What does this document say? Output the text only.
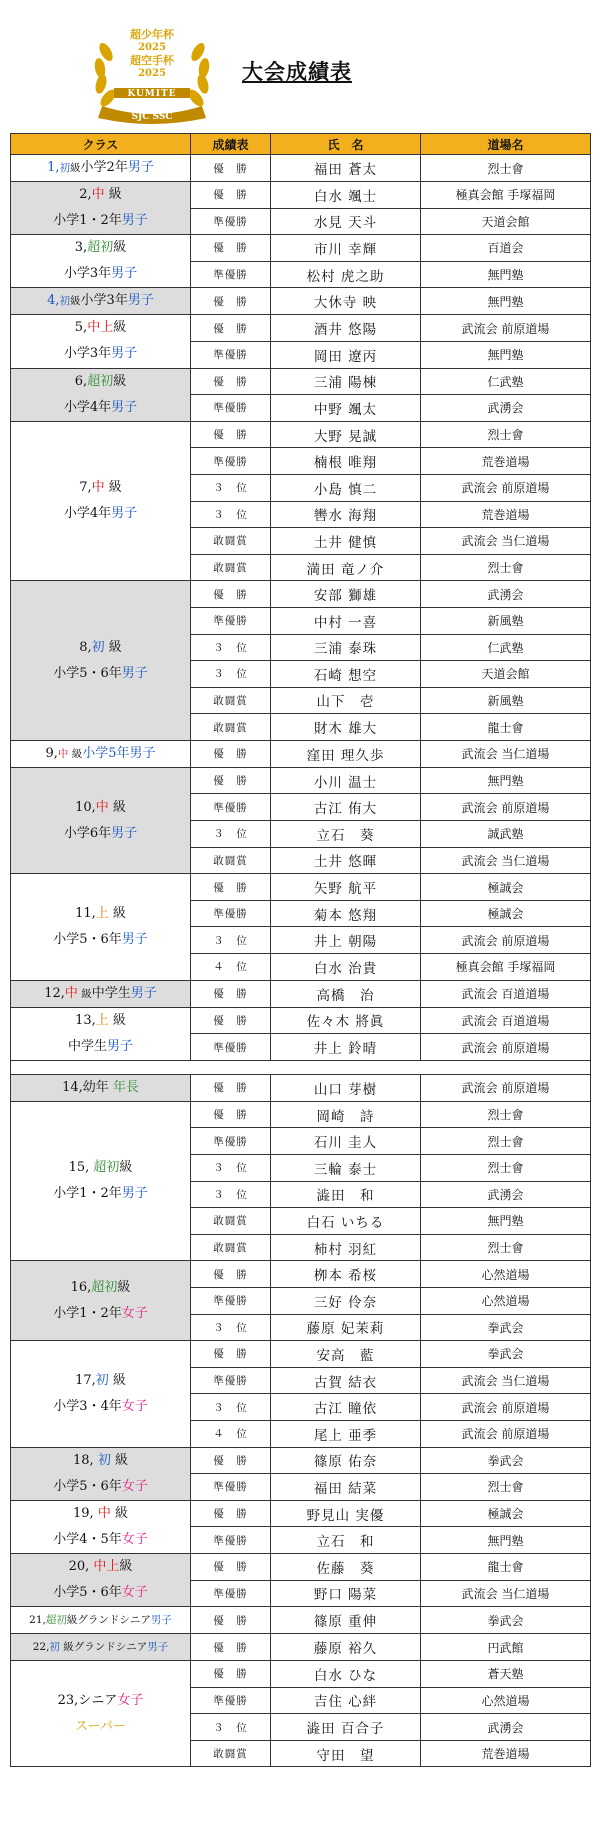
超少年杯
2025
超空手杯
2025
KUMITE
SJC SSC
大会成績表
クラス	成績表	氏　名	道場名

1,初級小学2年男子	優　勝	福田 蒼太	烈士會

2,中 級
小学1・2年男子	優　勝	白水 颯士	極真会館 手塚福岡
	準優勝	水見 天斗	天道会館

3,超初級
小学3年男子	優　勝	市川 幸輝	百道会
	準優勝	松村 虎之助	無門塾

4,初級小学3年男子	優　勝	大休寺 映	無門塾

5,中上級
小学3年男子	優　勝	酒井 悠陽	武流会 前原道場
	準優勝	岡田 遼丙	無門塾

6,超初級
小学4年男子	優　勝	三浦 陽棟	仁武塾
	準優勝	中野 颯太	武湧会

7,中 級
小学4年男子	優　勝	大野 晃誠	烈士會
	準優勝	楠根 唯翔	荒巻道場
	３　位	小島 慎二	武流会 前原道場
	３　位	轡水 海翔	荒巻道場
	敢闘賞	土井 健慎	武流会 当仁道場
	敢闘賞	満田 竜ノ介	烈士會

8,初 級
小学5・6年男子	優　勝	安部 獅雄	武湧会
	準優勝	中村 一喜	新風塾
	３　位	三浦 泰珠	仁武塾
	３　位	石崎 想空	天道会館
	敢闘賞	山下　壱	新風塾
	敢闘賞	財木 雄大	龍士會

9,中 級小学5年男子	優　勝	窪田 理久歩	武流会 当仁道場

10,中 級
小学6年男子	優　勝	小川 温士	無門塾
	準優勝	古江 侑大	武流会 前原道場
	３　位	立石　葵	誠武塾
	敢闘賞	土井 悠暉	武流会 当仁道場

11,上 級
小学5・6年男子	優　勝	矢野 航平	極誠会
	準優勝	菊本 悠翔	極誠会
	３　位	井上 朝陽	武流会 前原道場
	４　位	白水 治貴	極真会館 手塚福岡

12,中 級中学生男子	優　勝	高橋　治	武流会 百道道場

13,上 級
中学生男子	優　勝	佐々木 將眞	武流会 百道道場
	準優勝	井上 鈴晴	武流会 前原道場

14,幼年 年長	優　勝	山口 芽樹	武流会 前原道場

15, 超初級
小学1・2年男子	優　勝	岡崎　詩	烈士會
	準優勝	石川 圭人	烈士會
	３　位	三輪 泰士	烈士會
	３　位	澁田　和	武湧会
	敢闘賞	白石 いちる	無門塾
	敢闘賞	柿村 羽紅	烈士會

16,超初級
小学1・2年女子	優　勝	栁本 希桜	心然道場
	準優勝	三好 伶奈	心然道場
	３　位	藤原 妃茉莉	拳武会

17,初 級
小学3・4年女子	優　勝	安高　藍	拳武会
	準優勝	古賀 結衣	武流会 当仁道場
	３　位	古江 瞳依	武流会 前原道場
	４　位	尾上 亜季	武流会 前原道場

18, 初 級
小学5・6年女子	優　勝	篠原 佑奈	拳武会
	準優勝	福田 結菜	烈士會

19, 中 級
小学4・5年女子	優　勝	野見山 実優	極誠会
	準優勝	立石　和	無門塾

20, 中上級
小学5・6年女子	優　勝	佐藤　葵	龍士會
	準優勝	野口 陽菜	武流会 当仁道場

21,超初級グランドシニア男子	優　勝	篠原 重伸	拳武会

22,初 級グランドシニア男子	優　勝	藤原 裕久	円武館

23,シニア女子
スーパー	優　勝	白水 ひな	蒼天塾
	準優勝	吉住 心絆	心然道場
	３　位	澁田 百合子	武湧会
	敢闘賞	守田　望	荒巻道場
